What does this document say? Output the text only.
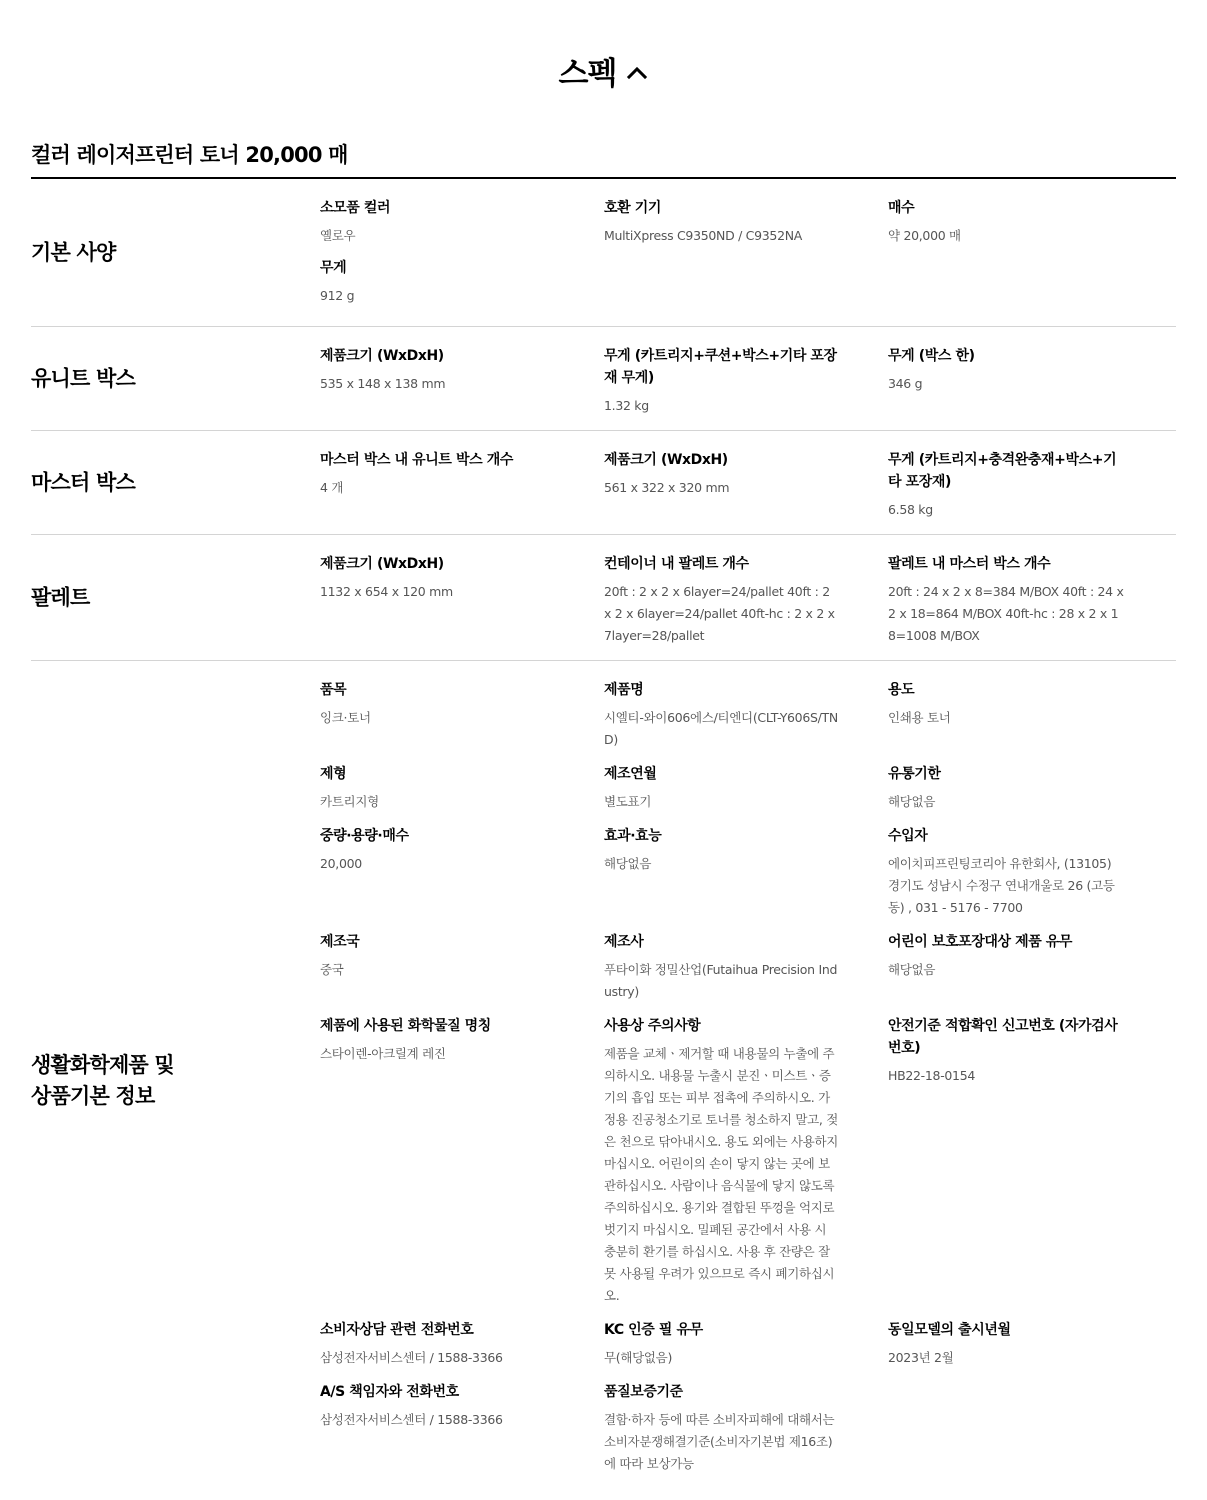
스펙
컬러 레이저프린터 토너 20,000 매
기본 사양
소모품 컬러
옐로우
호환 기기
MultiXpress C9350ND / C9352NA
매수
약 20,000 매
무게
912 g
유니트 박스
제품크기 (WxDxH)
535 x 148 x 138 mm
무게 (카트리지+쿠션+박스+기타 포장재 무게)
1.32 kg
무게 (박스 한)
346 g
마스터 박스
마스터 박스 내 유니트 박스 개수
4 개
제품크기 (WxDxH)
561 x 322 x 320 mm
무게 (카트리지+충격완충재+박스+기타 포장재)
6.58 kg
팔레트
제품크기 (WxDxH)
1132 x 654 x 120 mm
컨테이너 내 팔레트 개수
20ft : 2 x 2 x 6layer=24/pallet 40ft : 2 x 2 x 6layer=24/pallet 40ft-hc : 2 x 2 x 7layer=28/pallet
팔레트 내 마스터 박스 개수
20ft : 24 x 2 x 8=384 M/BOX 40ft : 24 x 2 x 18=864 M/BOX 40ft-hc : 28 x 2 x 18=1008 M/BOX
생활화학제품 및
상품기본 정보
품목
잉크·토너
제품명
시엘티-와이606에스/티엔디(CLT-Y606S/TND)
용도
인쇄용 토너
제형
카트리지형
제조연월
별도표기
유통기한
해당없음
중량·용량·매수
20,000
효과·효능
해당없음
수입자
에이치피프린팅코리아 유한회사, (13105) 경기도 성남시 수정구 연내개울로 26 (고등동) , 031 - 5176 - 7700
제조국
중국
제조사
푸타이화 정밀산업(Futaihua Precision Industry)
어린이 보호포장대상 제품 유무
해당없음
제품에 사용된 화학물질 명칭
스타이렌-아크릴계 레진
사용상 주의사항
제품을 교체ㆍ제거할 때 내용물의 누출에 주의하시오. 내용물 누출시 분진ㆍ미스트ㆍ증기의 흡입 또는 피부 접촉에 주의하시오. 가정용 진공청소기로 토너를 청소하지 말고, 젖은 천으로 닦아내시오. 용도 외에는 사용하지 마십시오. 어린이의 손이 닿지 않는 곳에 보관하십시오. 사람이나 음식물에 닿지 않도록 주의하십시오. 용기와 결합된 뚜껑을 억지로 벗기지 마십시오. 밀폐된 공간에서 사용 시 충분히 환기를 하십시오. 사용 후 잔량은 잘못 사용될 우려가 있으므로 즉시 폐기하십시오.
안전기준 적합확인 신고번호 (자가검사번호)
HB22-18-0154
소비자상담 관련 전화번호
삼성전자서비스센터 / 1588-3366
KC 인증 필 유무
무(해당없음)
동일모델의 출시년월
2023년 2월
A/S 책임자와 전화번호
삼성전자서비스센터 / 1588-3366
품질보증기준
결함·하자 등에 따른 소비자피해에 대해서는 소비자분쟁해결기준(소비자기본법 제16조)에 따라 보상가능
